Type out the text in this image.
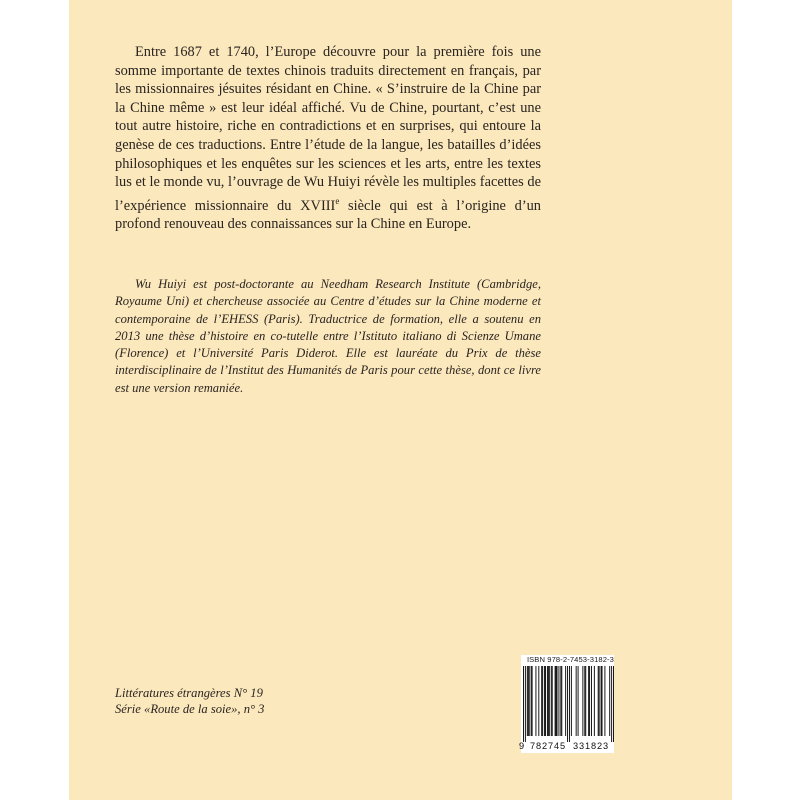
Entre 1687 et 1740, l’Europe découvre pour la première fois une somme importante de textes chinois traduits directement en français, par les missionnaires jésuites résidant en Chine. « S’instruire de la Chine par la Chine même » est leur idéal affiché. Vu de Chine, pourtant, c’est une tout autre histoire, riche en contradictions et en surprises, qui entoure la genèse de ces traductions. Entre l’étude de la langue, les batailles d’idées philosophiques et les enquêtes sur les sciences et les arts, entre les textes lus et le monde vu, l’ouvrage de Wu Huiyi révèle les multiples facettes de l’expérience missionnaire du XVIIIe siècle qui est à l’origine d’un profond renouveau des connaissances sur la Chine en Europe.

Wu Huiyi est post-doctorante au Needham Research Institute (Cambridge, Royaume Uni) et chercheuse associée au Centre d’études sur la Chine moderne et contemporaine de l’EHESS (Paris). Traductrice de formation, elle a soutenu en 2013 une thèse d’histoire en co-tutelle entre l’Istituto italiano di Scienze Umane (Florence) et l’Université Paris Diderot. Elle est lauréate du Prix de thèse interdisciplinaire de l’Institut des Humanités de Paris pour cette thèse, dont ce livre est une version remaniée.

Littératures étrangères N° 19
Série «Route de la soie», n° 3
ISBN 978-2-7453-3182-3
9 782745 331823
